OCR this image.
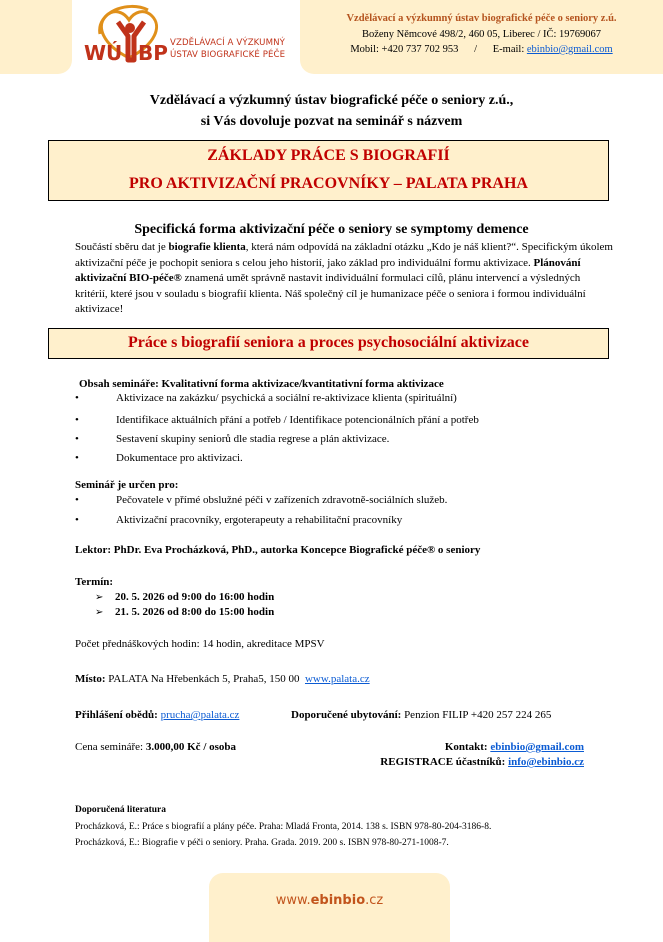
WÚ BP VZDĚLÁVACÍ A VÝZKUMNÝ
ÚSTAV BIOGRAFICKÉ PÉČE
Vzdělávací a výzkumný ústav biografické péče o seniory z.ú.
Boženy Němcové 498/2, 460 05, Liberec / IČ: 19769067
Mobil: +420 737 702 953      /      E-mail: ebinbio@gmail.com
Vzdělávací a výzkumný ústav biografické péče o seniory z.ú.,
si Vás dovoluje pozvat na seminář s názvem
ZÁKLADY PRÁCE S BIOGRAFIÍ
PRO AKTIVIZAČNÍ PRACOVNÍKY – PALATA PRAHA
Specifická forma aktivizační péče o seniory se symptomy demence
Součástí sběru dat je biografie klienta, která nám odpovídá na základní otázku „Kdo je náš klient?“. Specifickým úkolem aktivizační péče je pochopit seniora s celou jeho historií, jako základ pro individuální formu aktivizace. Plánování aktivizační BIO-péče® znamená umět správně nastavit individuální formulaci cílů, plánu intervencí a výsledných kritérií, které jsou v souladu s biografií klienta. Náš společný cíl je humanizace péče o seniora i formou individuální aktivizace!
Práce s biografií seniora a proces psychosociální aktivizace
Obsah semináře: Kvalitativní forma aktivizace/kvantitativní forma aktivizace
•	Aktivizace na zakázku/ psychická a sociální re-aktivizace klienta (spirituální)
•	Identifikace aktuálních přání a potřeb / Identifikace potencionálních přání a potřeb
•	Sestavení skupiny seniorů dle stadia regrese a plán aktivizace.
•	Dokumentace pro aktivizaci.
Seminář je určen pro:
•	Pečovatele v přímé obslužné péči v zařízeních zdravotně-sociálních služeb.
•	Aktivizační pracovníky, ergoterapeuty a rehabilitační pracovníky
Lektor: PhDr. Eva Procházková, PhD., autorka Koncepce Biografické péče® o seniory
Termín:
➢ 20. 5. 2026 od 9:00 do 16:00 hodin
➢ 21. 5. 2026 od 8:00 do 15:00 hodin
Počet přednáškových hodin: 14 hodin, akreditace MPSV
Místo: PALATA Na Hřebenkách 5, Praha5, 150 00  www.palata.cz
Přihlášení obědů: prucha@palata.cz	Doporučené ubytování: Penzion FILIP +420 257 224 265
Cena semináře: 3.000,00 Kč / osoba	Kontakt: ebinbio@gmail.com
REGISTRACE účastníků: info@ebinbio.cz
Doporučená literatura
Procházková, E.: Práce s biografií a plány péče. Praha: Mladá Fronta, 2014. 138 s. ISBN 978-80-204-3186-8.
Procházková, E.: Biografie v péči o seniory. Praha. Grada. 2019. 200 s. ISBN 978-80-271-1008-7.
www.ebinbio.cz
